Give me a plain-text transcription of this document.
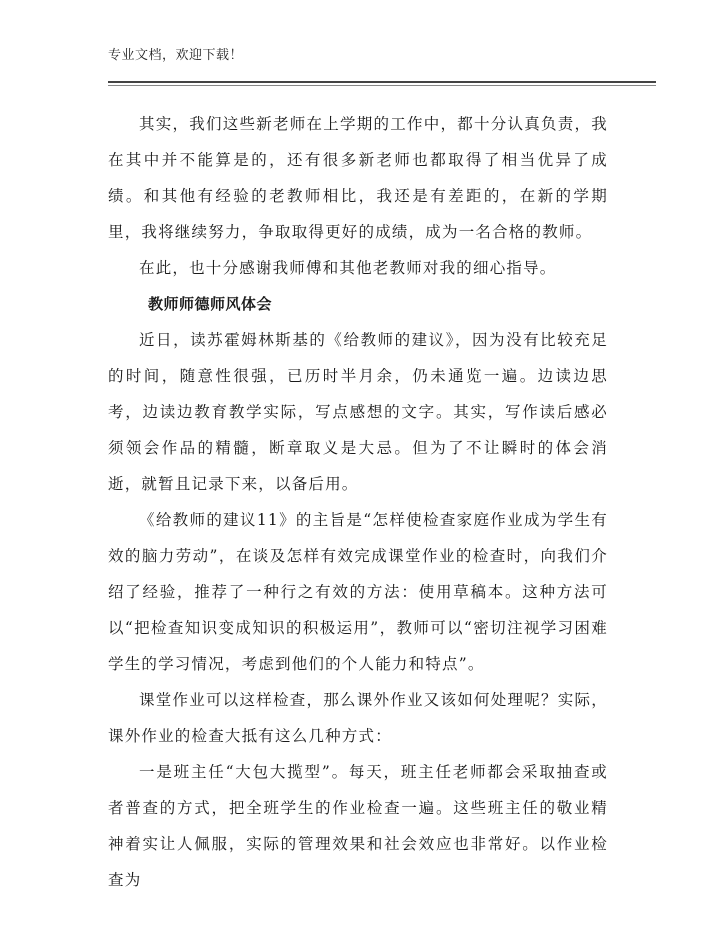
专业文档，欢迎下载！

其实，我们这些新老师在上学期的工作中，都十分认真负责，我在其中并不能算是的，还有很多新老师也都取得了相当优异了成绩。和其他有经验的老教师相比，我还是有差距的，在新的学期里，我将继续努力，争取取得更好的成绩，成为一名合格的教师。

在此，也十分感谢我师傅和其他老教师对我的细心指导。

教师师德师风体会

近日，读苏霍姆林斯基的《给教师的建议》，因为没有比较充足的时间，随意性很强，已历时半月余，仍未通览一遍。边读边思考，边读边教育教学实际，写点感想的文字。其实，写作读后感必须领会作品的精髓，断章取义是大忌。但为了不让瞬时的体会消逝，就暂且记录下来，以备后用。

《给教师的建议11》的主旨是“怎样使检查家庭作业成为学生有效的脑力劳动”，在谈及怎样有效完成课堂作业的检查时，向我们介绍了经验，推荐了一种行之有效的方法：使用草稿本。这种方法可以“把检查知识变成知识的积极运用”，教师可以“密切注视学习困难学生的学习情况，考虑到他们的个人能力和特点”。

课堂作业可以这样检查，那么课外作业又该如何处理呢？实际，课外作业的检查大抵有这么几种方式：

一是班主任“大包大揽型”。每天，班主任老师都会采取抽查或者普查的方式，把全班学生的作业检查一遍。这些班主任的敬业精神着实让人佩服，实际的管理效果和社会效应也非常好。以作业检查为
